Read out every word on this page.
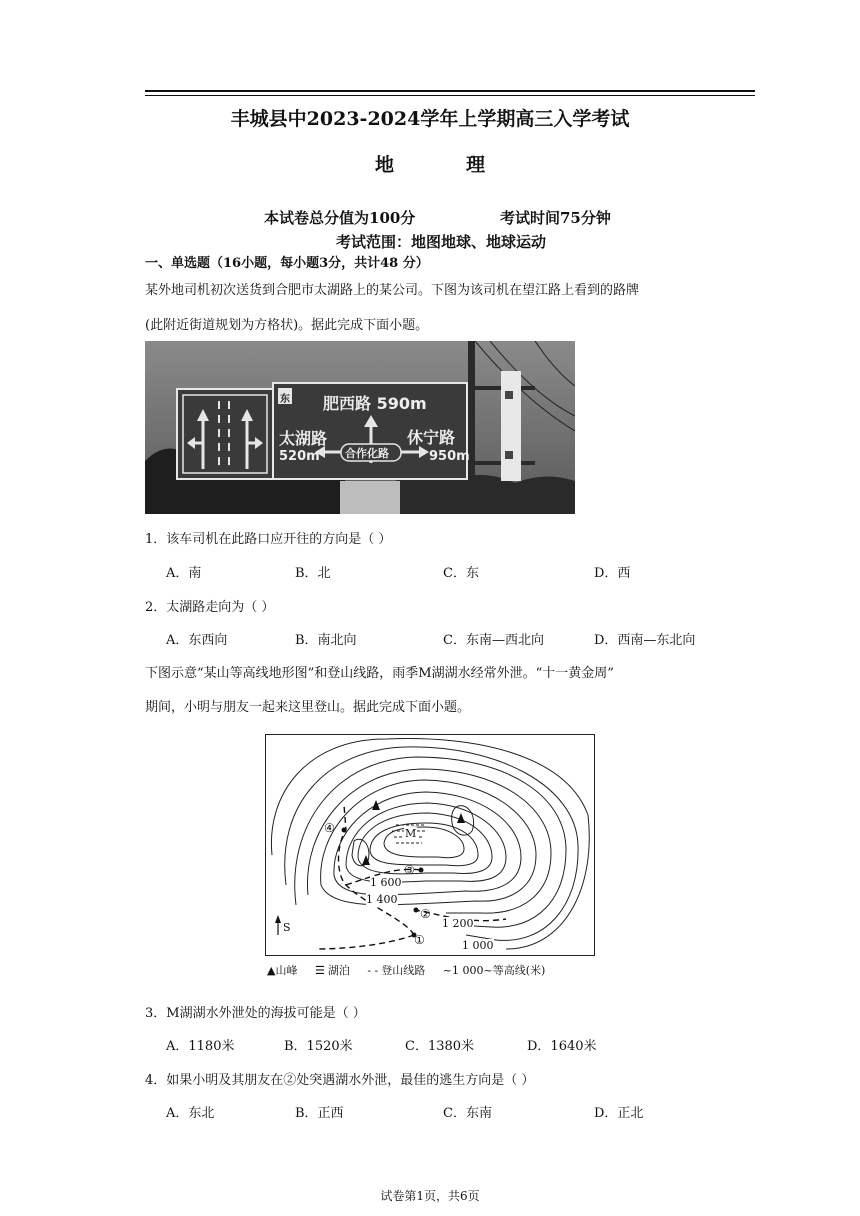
丰城县中2023-2024学年上学期高三入学考试
地	理
本试卷总分值为100分	考试时间75分钟
考试范围：地图地球、地球运动
一、单选题（16小题，每小题3分，共计48 分）
某外地司机初次送货到合肥市太湖路上的某公司。下图为该司机在望江路上看到的路牌
(此附近街道规划为方格状)。据此完成下面小题。
东 肥西路 590m
太湖路
520m
休宁路
950m
合作化路
1．该车司机在此路口应开往的方向是（ ）
A．南	B．北	C．东	D．西
2．太湖路走向为（ ）
A．东西向	B．南北向	C．东南—西北向	D．西南—东北向
下图示意“某山等高线地形图”和登山线路，雨季M湖湖水经常外泄。“十一黄金周”
期间，小明与朋友一起来这里登山。据此完成下面小题。
M
①
②
③
④
1 600
1 400
1 200
1 000
S
▲山峰 ☰ 湖泊 - - 登山线路 ~1 000~等高线(米)
3．M湖湖水外泄处的海拔可能是（ ）
A．1180米	B．1520米	C．1380米	D．1640米
4．如果小明及其朋友在②处突遇湖水外泄，最佳的逃生方向是（ ）
A．东北	B．正西	C．东南	D．正北
试卷第1页，共6页
